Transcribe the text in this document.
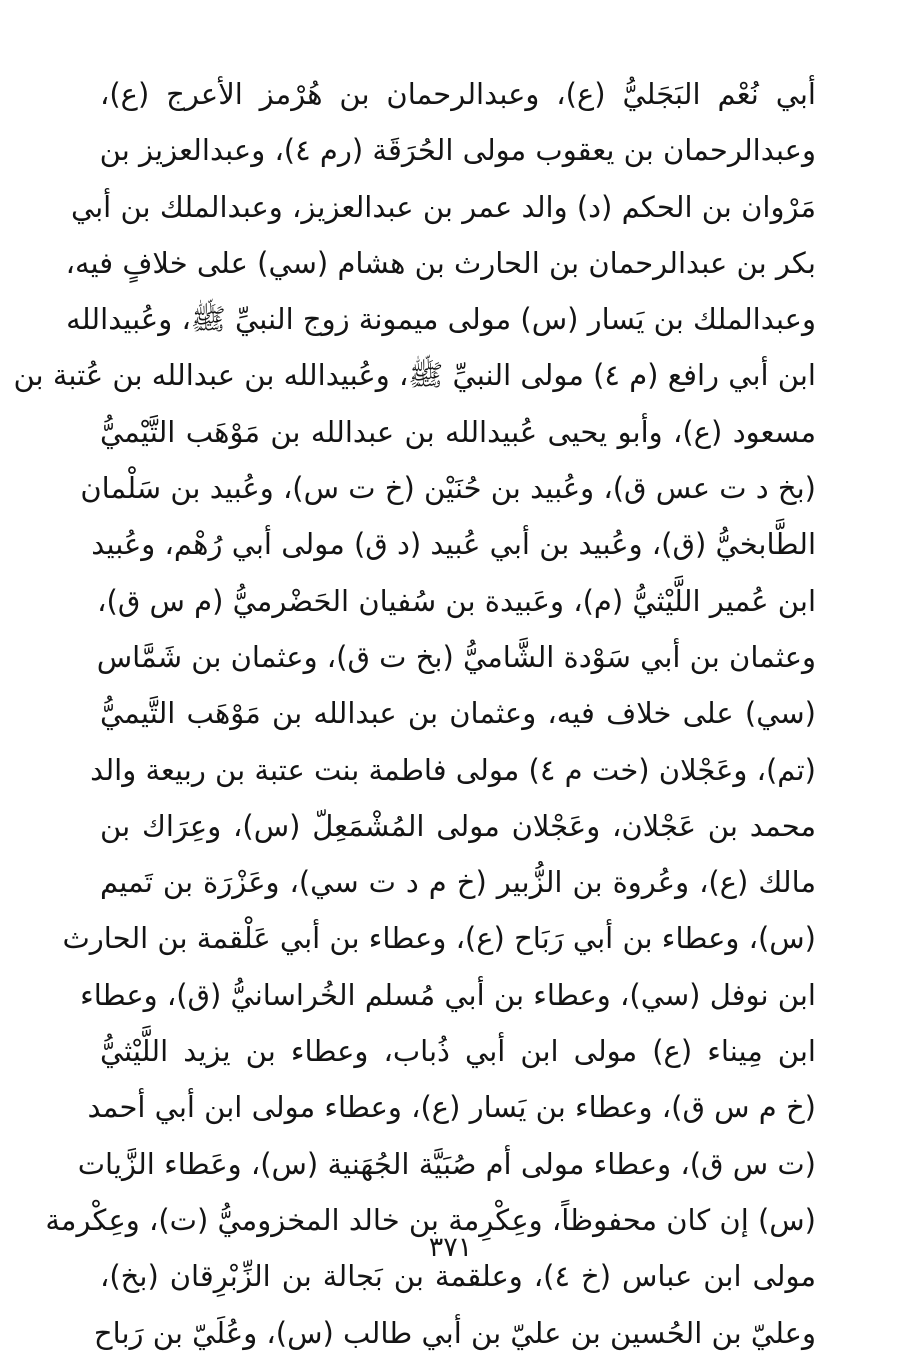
أبي نُعْم البَجَليُّ (ع)، وعبدالرحمان بن هُرْمز الأعرج (ع)،
وعبدالرحمان بن يعقوب مولى الحُرَقَة (رم ٤)، وعبدالعزيز بن
مَرْوان بن الحكم (د) والد عمر بن عبدالعزيز، وعبدالملك بن أبي
بكر بن عبدالرحمان بن الحارث بن هشام (سي) على خلافٍ فيه،
وعبدالملك بن يَسار (س) مولى ميمونة زوج النبيِّ ﷺ، وعُبيدالله
ابن أبي رافع (م ٤) مولى النبيِّ ﷺ، وعُبيدالله بن عبدالله بن عُتبة بن
مسعود (ع)، وأبو يحيى عُبيدالله بن عبدالله بن مَوْهَب التَّيْميُّ
(بخ د ت عس ق)، وعُبيد بن حُنَيْن (خ ت س)، وعُبيد بن سَلْمان
الطَّابخيُّ (ق)، وعُبيد بن أبي عُبيد (د ق) مولى أبي رُهْم، وعُبيد
ابن عُمير اللَّيْثيُّ (م)، وعَبيدة بن سُفيان الحَضْرميُّ (م س ق)،
وعثمان بن أبي سَوْدة الشَّاميُّ (بخ ت ق)، وعثمان بن شَمَّاس
(سي) على خلاف فيه، وعثمان بن عبدالله بن مَوْهَب التَّيميُّ
(تم)، وعَجْلان (خت م ٤) مولى فاطمة بنت عتبة بن ربيعة والد
محمد بن عَجْلان، وعَجْلان مولى المُشْمَعِلّ (س)، وعِرَاك بن
مالك (ع)، وعُروة بن الزُّبير (خ م د ت سي)، وعَزْرَة بن تَميم
(س)، وعطاء بن أبي رَبَاح (ع)، وعطاء بن أبي عَلْقمة بن الحارث
ابن نوفل (سي)، وعطاء بن أبي مُسلم الخُراسانيُّ (ق)، وعطاء
ابن مِيناء (ع) مولى ابن أبي ذُباب، وعطاء بن يزيد اللَّيْثيُّ
(خ م س ق)، وعطاء بن يَسار (ع)، وعطاء مولى ابن أبي أحمد
(ت س ق)، وعطاء مولى أم صُبَيَّة الجُهَنية (س)، وعَطاء الزَّيات
(س) إن كان محفوظاً، وعِكْرِمة بن خالد المخزوميُّ (ت)، وعِكْرمة
مولى ابن عباس (خ ٤)، وعلقمة بن بَجالة بن الزِّبْرِقان (بخ)،
وعليّ بن الحُسين بن عليّ بن أبي طالب (س)، وعُلَيّ بن رَباح
٣٧١
